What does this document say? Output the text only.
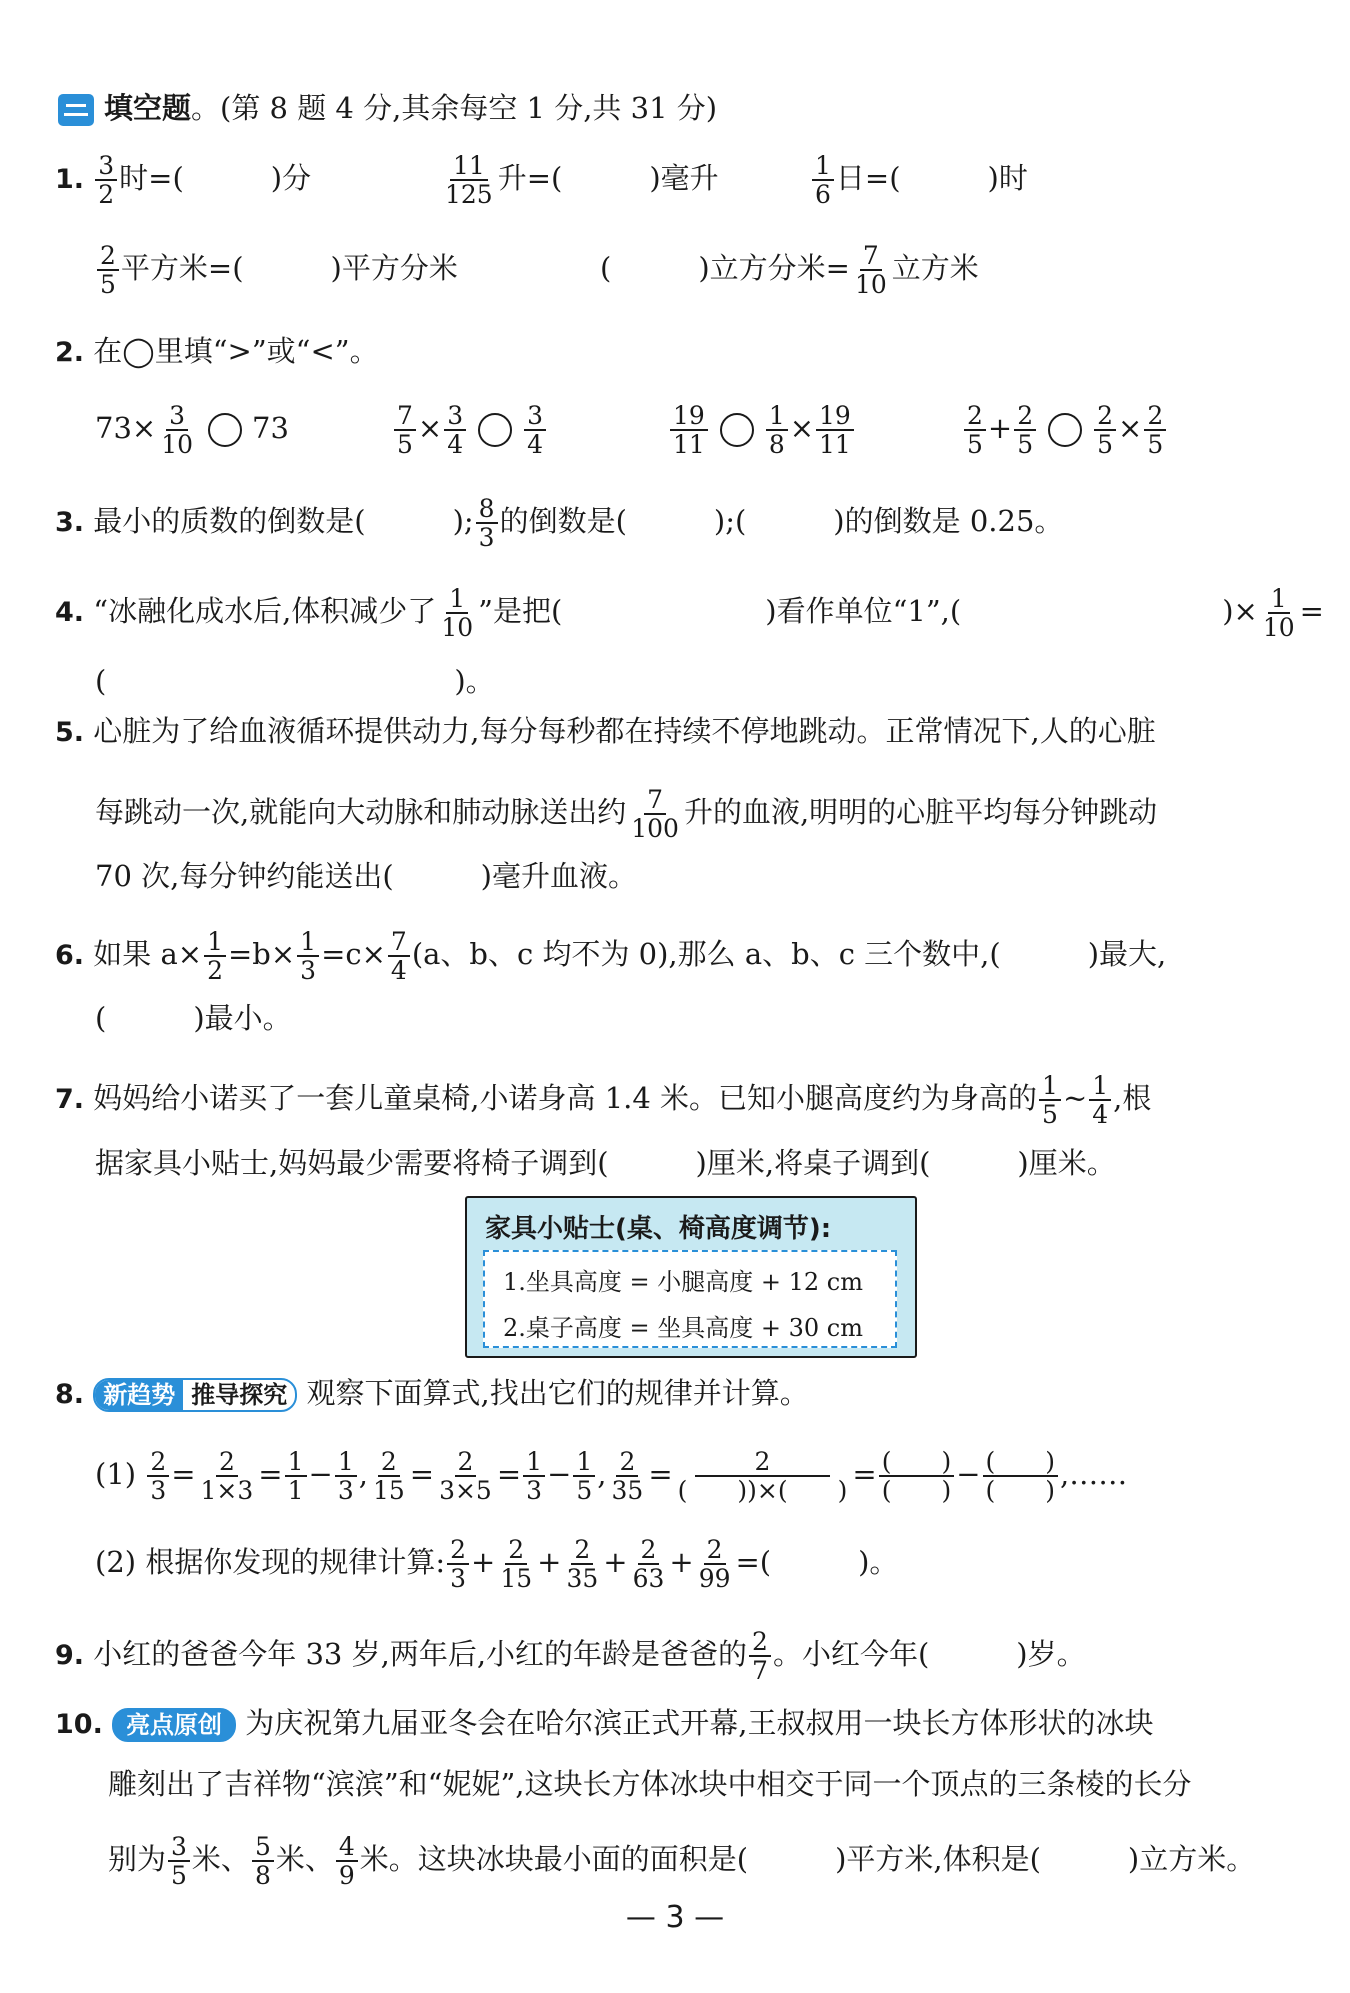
填空题。(第 8 题 4 分,其余每空 1 分,共 31 分)
1. $\frac{3}{2}$ 时=(　　　)分	$\frac{11}{125}$ 升=(　　　)毫升	$\frac{1}{6}$ 日=(　　　)时
$\frac{2}{5}$ 平方米=(　　　)平方分米	(　　　)立方分米= $\frac{7}{10}$ 立方米
2. 在◯里填“>”或“<”。
$73\times \frac{3}{10} 73$	$\frac{7}{5} \times \frac{3}{4} \frac{3}{4}$	$\frac{19}{11} \frac{1}{8} \times \frac{19}{11}$	$\frac{2}{5} + \frac{2}{5} \frac{2}{5} \times \frac{2}{5}$
3. 最小的质数的倒数是(　　　); $\frac{8}{3}$ 的倒数是(　　　);(　　　)的倒数是 0.25。
4. “冰融化成水后,体积减少了 $\frac{1}{10}$ ”是把(　　　　　　　)看作单位“1”,(　　　　　　　　　)× $\frac{1}{10}$ =
(　　　　　　　　　　　　)。
5. 心脏为了给血液循环提供动力,每分每秒都在持续不停地跳动。正常情况下,人的心脏
每跳动一次,就能向大动脉和肺动脉送出约 $\frac{7}{100}$ 升的血液,明明的心脏平均每分钟跳动
70 次,每分钟约能送出(　　　)毫升血液。
6. 如果 $a\times \frac{1}{2} =b\times \frac{1}{3} =c\times \frac{7}{4} (a$、b、c 均不为 0),那么 a、b、c 三个数中,(　　　)最大,
(　　　)最小。
7. 妈妈给小诺买了一套儿童桌椅,小诺身高 1.4 米。已知小腿高度约为身高的 $\frac{1}{5}$ ~ $\frac{1}{4}$ ,根
据家具小贴士,妈妈最少需要将椅子调到(　　　)厘米,将桌子调到(　　　)厘米。
家具小贴士(桌、椅高度调节):
1.坐具高度 = 小腿高度 + 12 cm
2.桌子高度 = 坐具高度 + 30 cm
8. 新趋势 推导探究 观察下面算式,找出它们的规律并计算。
$(1) \frac{2}{3} = \frac{2}{1\times 3} = \frac{1}{1} - \frac{1}{3}$ , $\frac{2}{15} = \frac{2}{3\times 5} = \frac{1}{3} - \frac{1}{5}$ , $\frac{2}{35} = \frac{2}{( ))\times( )} = \frac{( )}{( )} - \frac{( )}{( )}$ ,……
(2) 根据你发现的规律计算: $\frac{2}{3} + \frac{2}{15} + \frac{2}{35} + \frac{2}{63} + \frac{2}{99}$ =(　　　)。
9. 小红的爸爸今年 33 岁,两年后,小红的年龄是爸爸的 $\frac{2}{7}$ 。小红今年(　　　)岁。
10. 亮点原创 为庆祝第九届亚冬会在哈尔滨正式开幕,王叔叔用一块长方体形状的冰块
雕刻出了吉祥物“滨滨”和“妮妮”,这块长方体冰块中相交于同一个顶点的三条棱的长分
别为 $\frac{3}{5}$ 米、 $\frac{5}{8}$ 米、 $\frac{4}{9}$ 米。这块冰块最小面的面积是(　　　)平方米,体积是(　　　)立方米。
— 3 —
